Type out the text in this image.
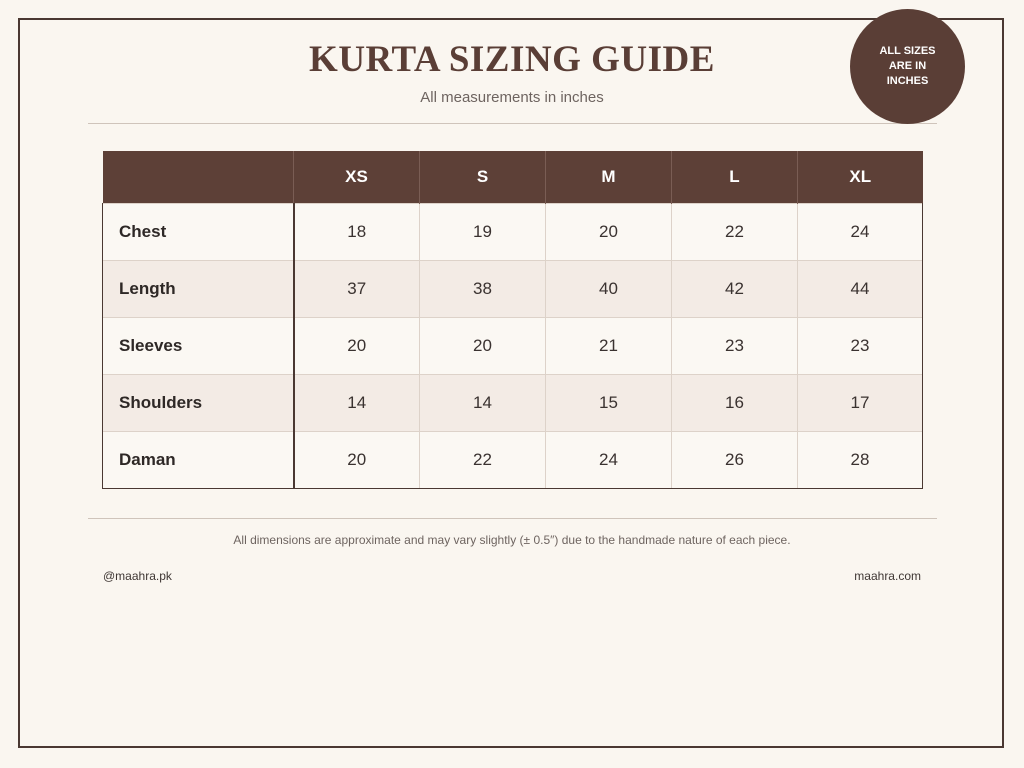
KURTA SIZING GUIDE
All measurements in inches
ALL SIZES ARE IN INCHES
	XS	S	M	L	XL
Chest	18	19	20	22	24
Length	37	38	40	42	44
Sleeves	20	20	21	23	23
Shoulders	14	14	15	16	17
Daman	20	22	24	26	28
All dimensions are approximate and may vary slightly (± 0.5″) due to the handmade nature of each piece.
@maahra.pk	maahra.com
